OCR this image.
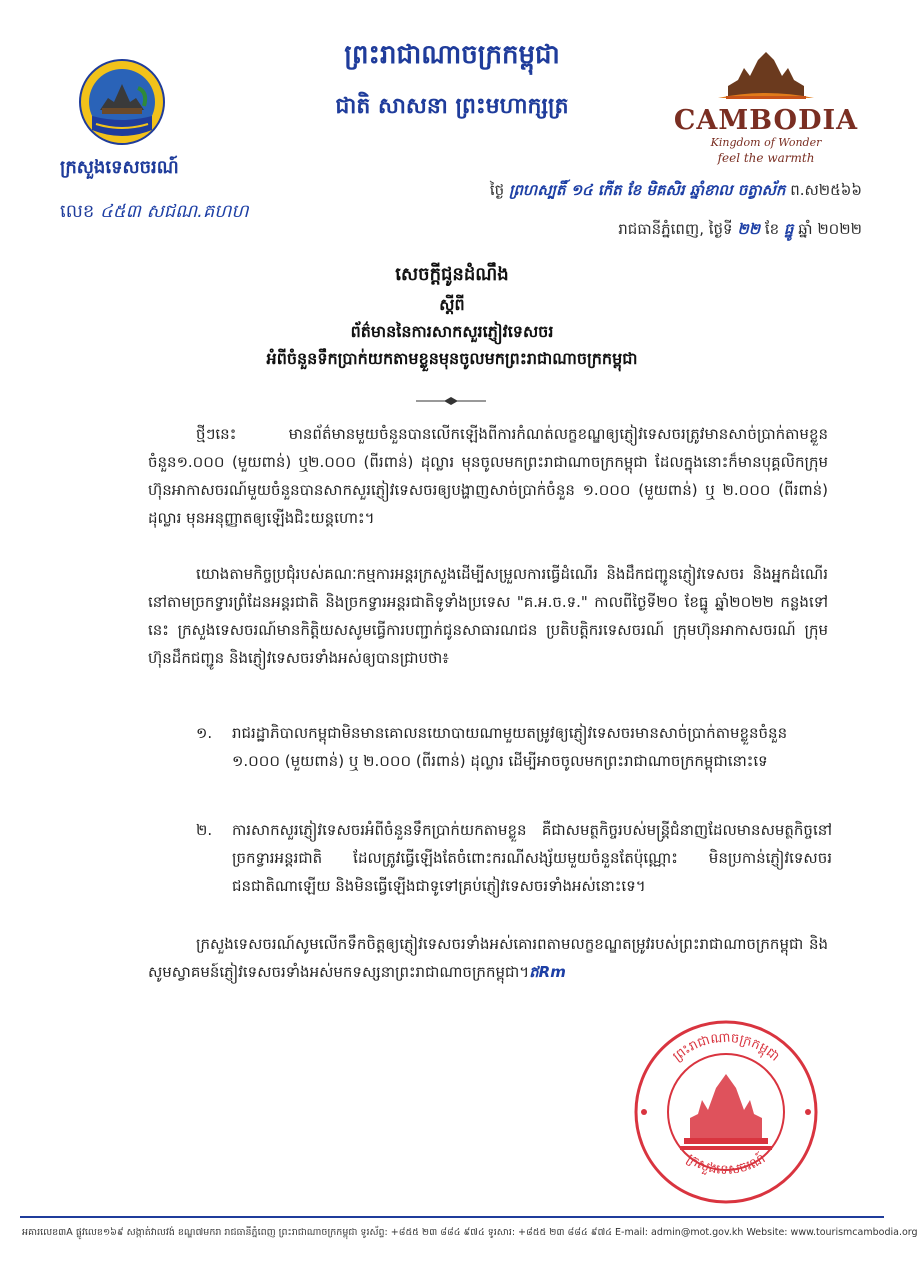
ព្រះរាជាណាចក្រកម្ពុជា
ជាតិ សាសនា ព្រះមហាក្សត្រ	CAMBODIA
Kingdom of Wonder
feel the warmth
ក្រសួងទេសចរណ៍
លេខ ៤៥៣ សជណ.គហហ
ថ្ងៃ ព្រហស្បតិ៍ ១៤ កើត ខែ មិគសិរ ឆ្នាំខាល ចត្វាស័ក ព.ស២៥៦៦
រាជធានីភ្នំពេញ, ថ្ងៃទី ២២ ខែ ធ្នូ ឆ្នាំ ២០២២
សេចក្ដីជូនដំណឹង
ស្ដីពី
ព័ត៌មាននៃការសាកសួរភ្ញៀវទេសចរ
អំពីចំនួនទឹកប្រាក់យកតាមខ្លួនមុនចូលមកព្រះរាជាណាចក្រកម្ពុជា
ថ្មីៗនេះ មានព័ត៌មានមួយចំនួនបានលើកឡើងពីការកំណត់លក្ខខណ្ឌឲ្យភ្ញៀវទេសចរត្រូវមានសាច់ប្រាក់តាមខ្លួនចំនួន១.០០០ (មួយពាន់) ឬ២.០០០ (ពីរពាន់) ដុល្លារ មុនចូលមកព្រះរាជាណាចក្រកម្ពុជា ដែលក្នុងនោះក៏មានបុគ្គលិកក្រុមហ៊ុនអាកាសចរណ៍មួយចំនួនបានសាកសួរភ្ញៀវទេសចរឲ្យបង្ហាញសាច់ប្រាក់ចំនួន ១.០០០ (មួយពាន់) ឬ ២.០០០ (ពីរពាន់) ដុល្លារ មុនអនុញ្ញាតឲ្យឡើងជិះយន្តហោះ។
យោងតាមកិច្ចប្រជុំរបស់គណៈកម្មការអន្តរក្រសួងដើម្បីសម្រួលការធ្វើដំណើរ និងដឹកជញ្ជូនភ្ញៀវទេសចរ និងអ្នកដំណើរនៅតាមច្រកទ្វារព្រំដែនអន្តរជាតិ និងច្រកទ្វារអន្តរជាតិទូទាំងប្រទេស "គ.អ.ច.ទ." កាលពីថ្ងៃទី២០ ខែធ្នូ ឆ្នាំ២០២២ កន្លងទៅនេះ ក្រសួងទេសចរណ៍មានកិត្តិយសសូមធ្វើការបញ្ជាក់ជូនសាធារណជន ប្រតិបត្តិករទេសចរណ៍ ក្រុមហ៊ុនអាកាសចរណ៍ ក្រុមហ៊ុនដឹកជញ្ជូន និងភ្ញៀវទេសចរទាំងអស់ឲ្យបានជ្រាបថា៖
១.	រាជរដ្ឋាភិបាលកម្ពុជាមិនមានគោលនយោបាយណាមួយតម្រូវឲ្យភ្ញៀវទេសចរមានសាច់ប្រាក់តាមខ្លួនចំនួន ១.០០០ (មួយពាន់) ឬ ២.០០០ (ពីរពាន់) ដុល្លារ ដើម្បីអាចចូលមកព្រះរាជាណាចក្រកម្ពុជានោះទេ
២.	ការសាកសួរភ្ញៀវទេសចរអំពីចំនួនទឹកប្រាក់យកតាមខ្លួន គឺជាសមត្ថកិច្ចរបស់មន្ត្រីជំនាញដែលមានសមត្ថកិច្ចនៅច្រកទ្វារអន្តរជាតិ ដែលត្រូវធ្វើឡើងតែចំពោះករណីសង្ស័យមួយចំនួនតែប៉ុណ្ណោះ មិនប្រកាន់ភ្ញៀវទេសចរជនជាតិណាឡើយ និងមិនធ្វើឡើងជាទូទៅគ្រប់ភ្ញៀវទេសចរទាំងអស់នោះទេ។
ក្រសួងទេសចរណ៍សូមលើកទឹកចិត្តឲ្យភ្ញៀវទេសចរទាំងអស់គោរពតាមលក្ខខណ្ឌតម្រូវរបស់ព្រះរាជាណាចក្រកម្ពុជា និងសូមស្វាគមន៍ភ្ញៀវទេសចរទាំងអស់មកទស្សនាព្រះរាជាណាចក្រកម្ពុជា។ឥRm
ព្រះរាជាណាចក្រកម្ពុជា
ក្រសួងទេសចរណ៍
អគារលេខ៣A ផ្លូវលេខ១៦៩ សង្កាត់វាលវង់ ខណ្ឌ៧មករា រាជធានីភ្នំពេញ ព្រះរាជាណាចក្រកម្ពុជា ទូរស័ព្ទ: +៨៥៥ ២៣ ៨៨៤ ៩៧៤ ទូរសារ: +៨៥៥ ២៣ ៨៨៤ ៩៧៤ E-mail: admin@mot.gov.kh Website: www.tourismcambodia.org
